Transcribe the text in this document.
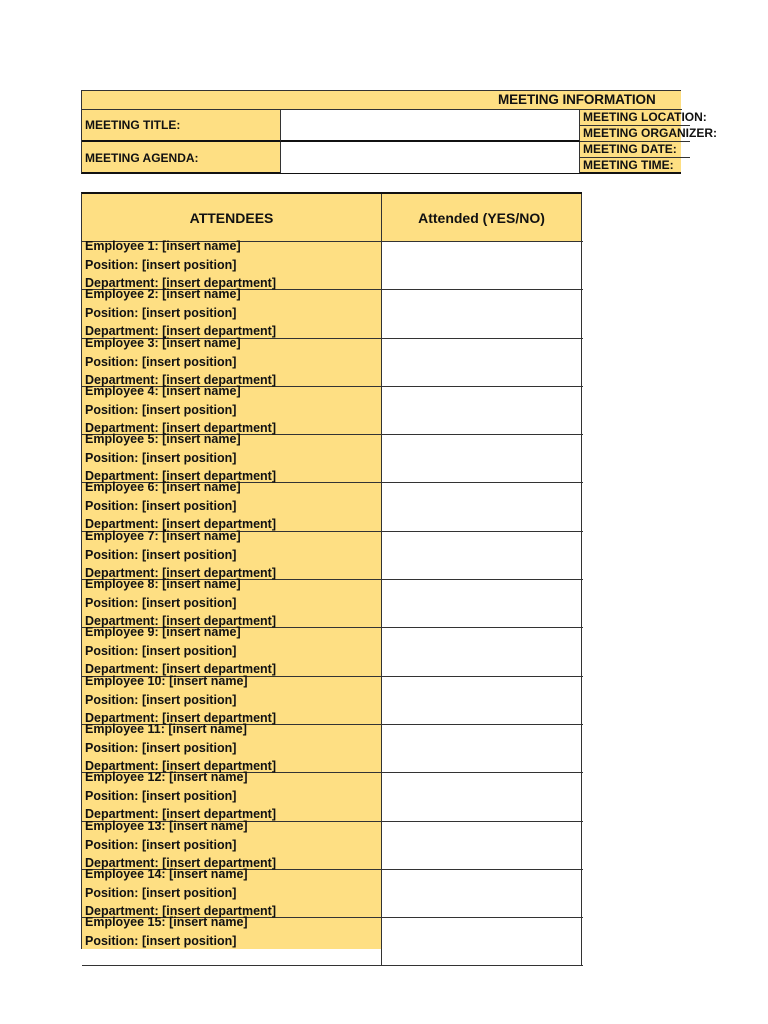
MEETING INFORMATION
MEETING TITLE:
MEETING AGENDA:
MEETING LOCATION:
MEETING ORGANIZER:
MEETING DATE:
MEETING TIME:
ATTENDEES	Attended (YES/NO)
Employee 1: [insert name]
Position: [insert position]
Department: [insert department]
Employee 2: [insert name]
Position: [insert position]
Department: [insert department]
Employee 3: [insert name]
Position: [insert position]
Department: [insert department]
Employee 4: [insert name]
Position: [insert position]
Department: [insert department]
Employee 5: [insert name]
Position: [insert position]
Department: [insert department]
Employee 6: [insert name]
Position: [insert position]
Department: [insert department]
Employee 7: [insert name]
Position: [insert position]
Department: [insert department]
Employee 8: [insert name]
Position: [insert position]
Department: [insert department]
Employee 9: [insert name]
Position: [insert position]
Department: [insert department]
Employee 10: [insert name]
Position: [insert position]
Department: [insert department]
Employee 11: [insert name]
Position: [insert position]
Department: [insert department]
Employee 12: [insert name]
Position: [insert position]
Department: [insert department]
Employee 13: [insert name]
Position: [insert position]
Department: [insert department]
Employee 14: [insert name]
Position: [insert position]
Department: [insert department]
Employee 15: [insert name]
Position: [insert position]
